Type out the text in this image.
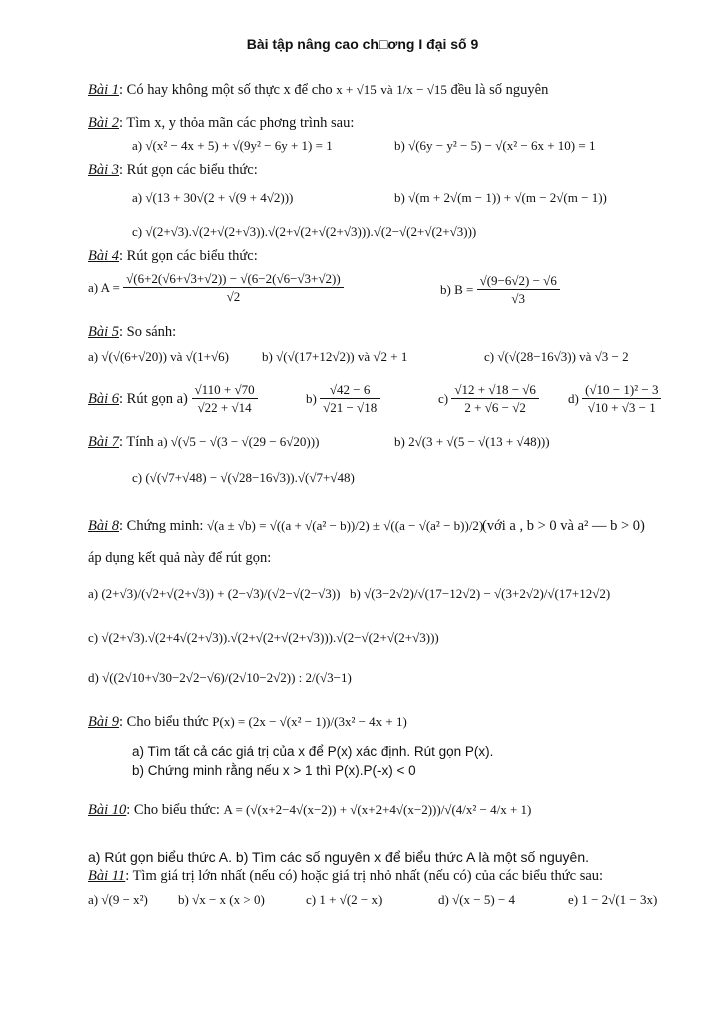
Bài tập nâng cao ch□ơng I đại số 9
Bài 1: Có hay không một số thực x để cho x + √15 và 1/x − √15 đều là số nguyên
Bài 2: Tìm x, y thỏa mãn các phơng trình sau:
a) √(x² − 4x + 5) + √(9y² − 6y + 1) = 1	b) √(6y − y² − 5) − √(x² − 6x + 10) = 1
Bài 3: Rút gọn các biểu thức:
a) √(13 + 30√(2 + √(9 + 4√2)))	b) √(m + 2√(m − 1)) + √(m − 2√(m − 1))
c) √(2+√3).√(2+√(2+√3)).√(2+√(2+√(2+√3))).√(2−√(2+√(2+√3)))
Bài 4: Rút gọn các biểu thức:
a) $A = \frac{√(6+2(√6+√3+√2)) - √(6-2(√6-√3+√2))}{√2}$	b) $B = \frac{√(9-6√2) - √6}{√3}$
Bài 5: So sánh:
a) √(√(6+√20)) và √(1+√6)	b) √(√(17+12√2)) và √2 + 1	c) √(√(28−16√3)) và √3 − 2
Bài 6: Rút gọn $a) \frac{√110 + √70}{√22 + √14}$	$b) \frac{√42 - 6}{√21 - √18}$	$c) \frac{√12 + √18 - √6}{2 + √6 - √2} d) \frac{\text{(√10 − 1)² − 3}}{√10 + √3 - 1}$
Bài 7: Tính a) √(√5 − √(3 − √(29 − 6√20)))	b) 2√(3 + √(5 − √(13 + √48)))
c) (√(√7+√48) − √(√28−16√3)).√(√7+√48)
Bài 8: Chứng minh: √(a ± √b) = √((a + √(a² − b))/2) ± √((a − √(a² − b))/2)
(với a , b > 0 và a² — b > 0)
áp dụng kết quả này để rút gọn:
a) (2+√3)/(√2+√(2+√3)) + (2−√3)/(√2−√(2−√3)) b) √(3−2√2)/√(17−12√2) − √(3+2√2)/√(17+12√2)
c) √(2+√3).√(2+4√(2+√3)).√(2+√(2+√(2+√3))).√(2−√(2+√(2+√3)))
d) √((2√10+√30−2√2−√6)/(2√10−2√2)) : 2/(√3−1)
Bài 9: Cho biểu thức P(x) = (2x − √(x² − 1))/(3x² − 4x + 1)
a) Tìm tất cả các giá trị của x để P(x) xác định. Rút gọn P(x).
b) Chứng minh rằng nếu x > 1 thì P(x).P(-x) < 0
Bài 10: Cho biểu thức: A = (√(x+2−4√(x−2)) + √(x+2+4√(x−2)))/√(4/x² − 4/x + 1)
a) Rút gọn biểu thức A. b) Tìm các số nguyên x để biểu thức A là một số nguyên.
Bài 11: Tìm giá trị lớn nhất (nếu có) hoặc giá trị nhỏ nhất (nếu có) của các biểu thức sau:
a) √(9 − x²) b) √x − x (x > 0)	c) 1 + √(2 − x)	d) √(x − 5) − 4	e) 1 − 2√(1 − 3x)
